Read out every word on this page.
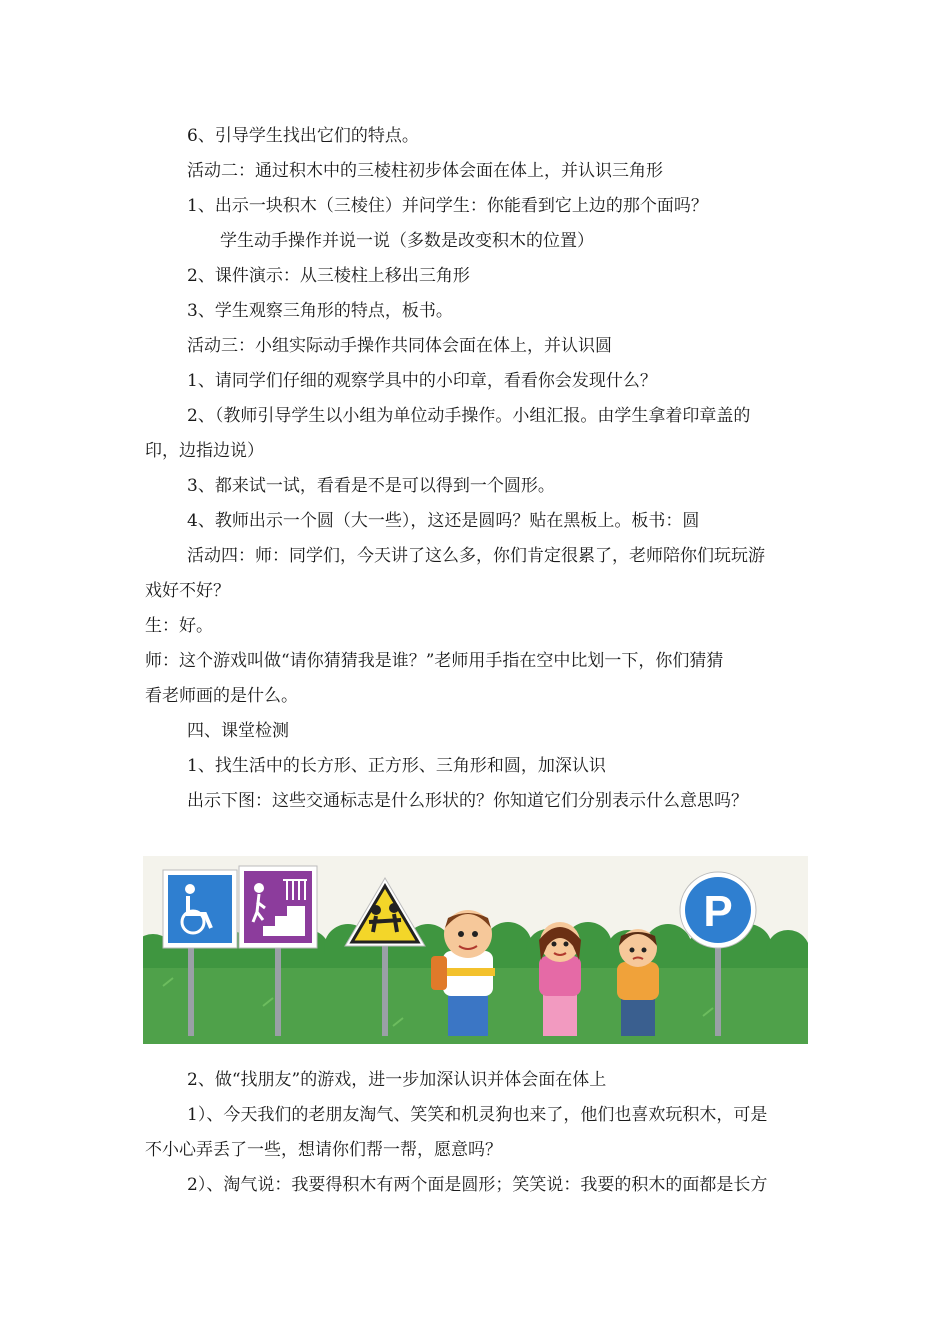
6、引导学生找出它们的特点。
活动二：通过积木中的三棱柱初步体会面在体上，并认识三角形
1、出示一块积木（三棱住）并问学生：你能看到它上边的那个面吗？
学生动手操作并说一说（多数是改变积木的位置）
2、课件演示：从三棱柱上移出三角形
3、学生观察三角形的特点，板书。
活动三：小组实际动手操作共同体会面在体上，并认识圆
1、请同学们仔细的观察学具中的小印章，看看你会发现什么？
2、（教师引导学生以小组为单位动手操作。小组汇报。由学生拿着印章盖的
印，边指边说）
3、都来试一试，看看是不是可以得到一个圆形。
4、教师出示一个圆（大一些），这还是圆吗？贴在黑板上。板书：圆
活动四：师：同学们，今天讲了这么多，你们肯定很累了，老师陪你们玩玩游
戏好不好？
生：好。
师：这个游戏叫做“请你猜猜我是谁？”老师用手指在空中比划一下，你们猜猜
看老师画的是什么。
四、课堂检测
1、找生活中的长方形、正方形、三角形和圆，加深认识
出示下图：这些交通标志是什么形状的？你知道它们分别表示什么意思吗？
P
2、做“找朋友”的游戏，进一步加深认识并体会面在体上
1）、今天我们的老朋友淘气、笑笑和机灵狗也来了，他们也喜欢玩积木，可是
不小心弄丢了一些，想请你们帮一帮，愿意吗？
2）、淘气说：我要得积木有两个面是圆形；笑笑说：我要的积木的面都是长方
